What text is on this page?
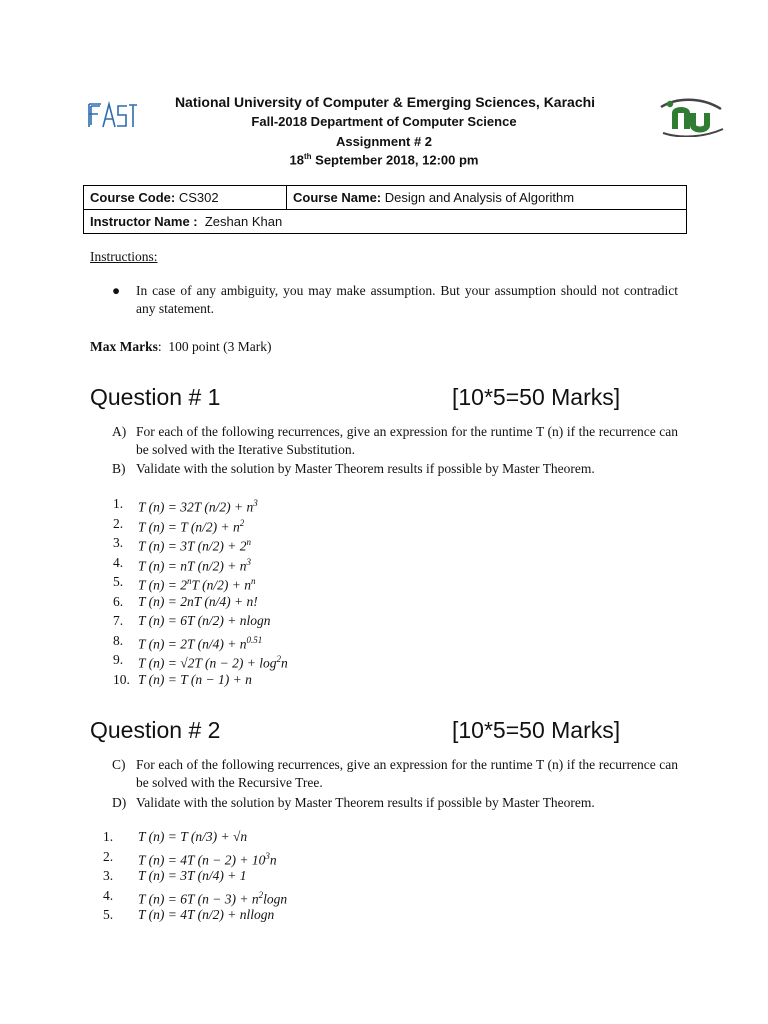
National University of Computer & Emerging Sciences, Karachi
Fall-2018 Department of Computer Science
Assignment # 2
18th September 2018, 12:00 pm
Course Code: CS302	Course Name: Design and Analysis of Algorithm
Instructor Name :  Zeshan Khan
Instructions:
● In case of any ambiguity, you may make assumption. But your assumption should not contradict any statement.
Max Marks:  100 point (3 Mark)
Question # 1	[10*5=50 Marks]
A) For each of the following recurrences, give an expression for the runtime T (n) if the recurrence can be solved with the Iterative Substitution.
B) Validate with the solution by Master Theorem results if possible by Master Theorem.
1. T (n) = 32T $(n/2) + n^3$
2. T (n) = T $(n/2) + n^2$
3. T (n) = 3T $(n/2) + 2^n$
4. T (n) = nT $(n/2) + n^3$
5. T $(n) = 2^nT$ $(n/2) + n^n$
6. T (n) = 2nT (n/4) + n!
7. T (n) = 6T (n/2) + nlogn
8. T (n) = 2T $(n/4) + n^{0.51}$
9. T (n) = √2T $(n - 2) + \log^2n$
10. T (n) = T (n − 1) + n
Question # 2	[10*5=50 Marks]
C) For each of the following recurrences, give an expression for the runtime T (n) if the recurrence can be solved with the Recursive Tree.
D) Validate with the solution by Master Theorem results if possible by Master Theorem.
1. T (n) = T (n/3) + √n
2. T (n) = 4T $(n - 2) + 10^3n$
3. T (n) = 3T (n/4) + 1
4. T (n) = 6T $(n - 3) + n^2\log n$
5. T (n) = 4T (n/2) + nllogn
